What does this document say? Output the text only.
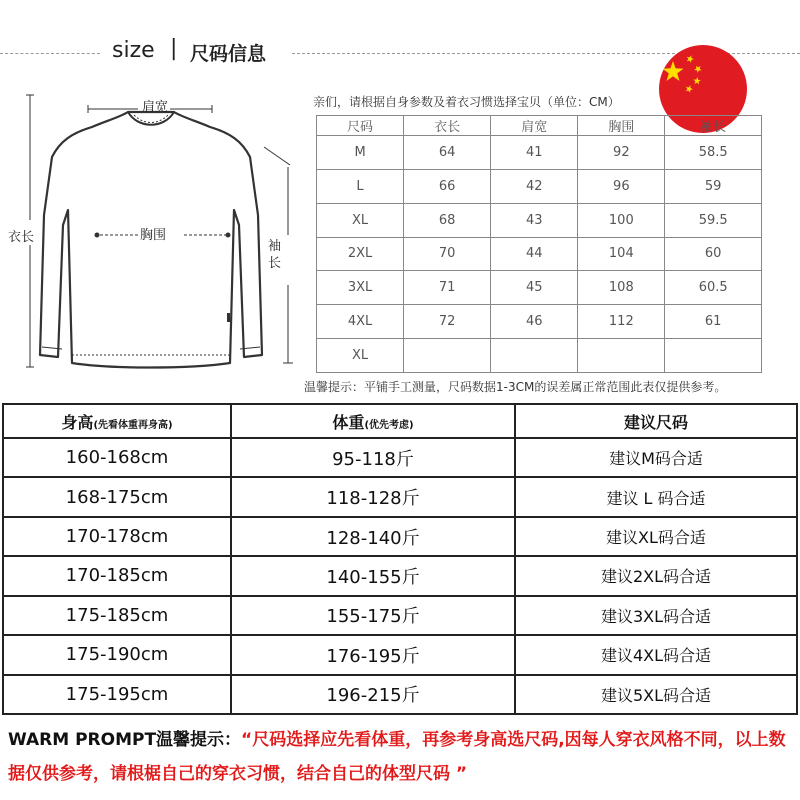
size | 尺码信息
肩宽
衣长	胸围
袖长
亲们，请根据自身参数及着衣习惯选择宝贝（单位：CM）
尺码	衣长	肩宽	胸围	袖长
M	64	41	92	58.5
L	66	42	96	59
XL	68	43	100	59.5
2XL	70	44	104	60
3XL	71	45	108	60.5
4XL	72	46	112	61
XL				
温馨提示：平铺手工测量，尺码数据1-3CM的误差属正常范围此表仅提供参考。
身高(先看体重再身高)	体重(优先考虑)	建议尺码
160-168cm	95-118斤	建议M码合适
168-175cm	118-128斤	建议 L 码合适
170-178cm	128-140斤	建议XL码合适
170-185cm	140-155斤	建议2XL码合适
175-185cm	155-175斤	建议3XL码合适
175-190cm	176-195斤	建议4XL码合适
175-195cm	196-215斤	建议5XL码合适
WARM PROMPT温馨提示：“尺码选择应先看体重，再参考身高选尺码,因每人穿衣风格不同，以上数据仅供参考，请根椐自己的穿衣习惯，结合自己的体型尺码 ”
